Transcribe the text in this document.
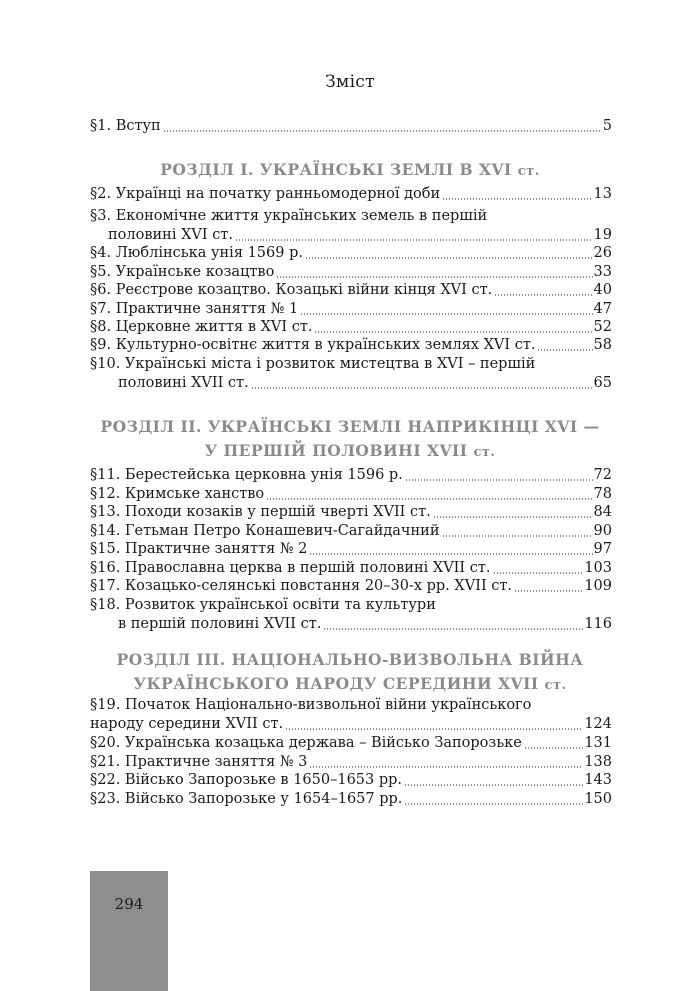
Зміст
§1. Вступ	5
§2. Українці на початку ранньомодерної доби	13
§3. Економічне життя українських земель в першій
половині XVI ст.	19
§4. Люблінська унія 1569 р.	26
§5. Українське козацтво	33
§6. Реєстрове козацтво. Козацькі війни кінця XVI ст.	40
§7. Практичне заняття № 1	47
§8. Церковне життя в XVI ст.	52
§9. Культурно-освітнє життя в українських землях XVI ст.	58
§10. Українські міста і розвиток мистецтва в XVI – першій
половині XVII ст.	65
§11. Берестейська церковна унія 1596 р.	72
§12. Кримське ханство	78
§13. Походи козаків у першій чверті XVII ст.	84
§14. Гетьман Петро Конашевич-Сагайдачний	90
§15. Практичне заняття № 2	97
§16. Православна церква в першій половині XVII ст.	103
§17. Козацько-селянські повстання 20–30-х рр. XVII ст.	109
§18. Розвиток української освіти та культури
в першій половині XVII ст.	116
§19. Початок Національно-визвольної війни українського
народу середини XVII ст.	124
§20. Українська козацька держава – Військо Запорозьке	131
§21. Практичне заняття № 3	138
§22. Військо Запорозьке в 1650–1653 рр.	143
§23. Військо Запорозьке у 1654–1657 рр.	150
РОЗДІЛ I. УКРАЇНСЬКІ ЗЕМЛІ В XVI ст.
РОЗДІЛ II. УКРАЇНСЬКІ ЗЕМЛІ НАПРИКІНЦІ XVI —
У ПЕРШІЙ ПОЛОВИНІ XVII ст.
РОЗДІЛ III. НАЦІОНАЛЬНО-ВИЗВОЛЬНА ВІЙНА
УКРАЇНСЬКОГО НАРОДУ СЕРЕДИНИ XVII ст.
294
